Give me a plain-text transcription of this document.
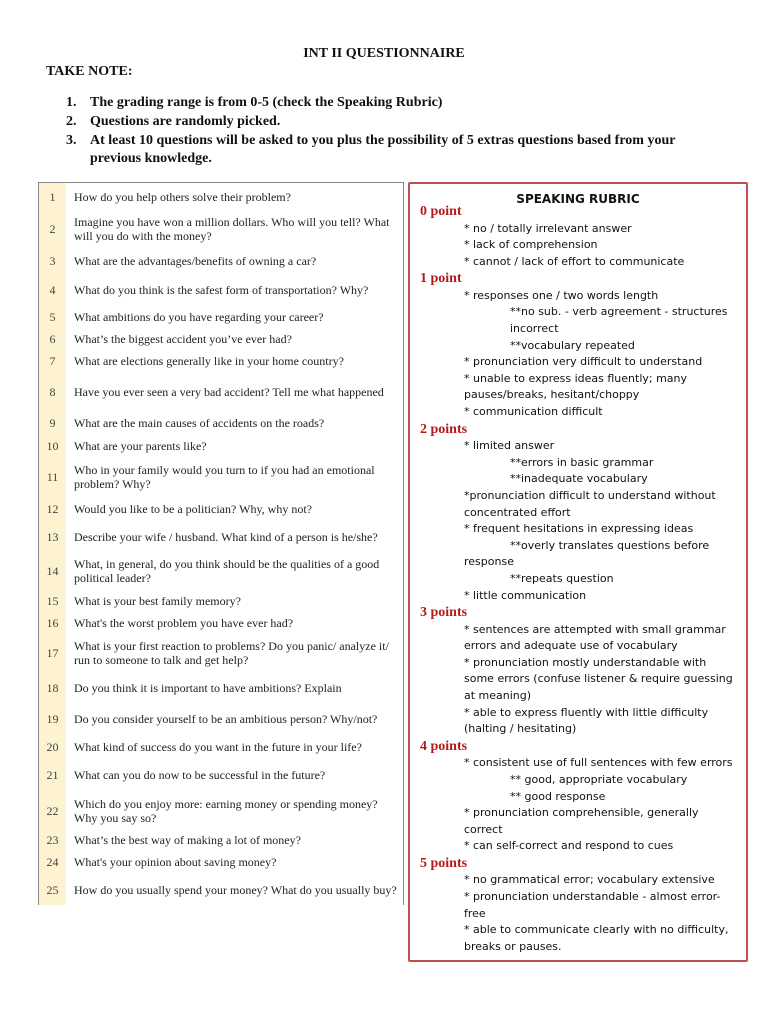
INT II QUESTIONNAIRE
TAKE NOTE:
1. The grading range is from 0-5 (check the Speaking Rubric)
2. Questions are randomly picked.
3. At least 10 questions will be asked to you plus the possibility of 5 extras questions based from your previous knowledge.
1	How do you help others solve their problem?
2	Imagine you have won a million dollars. Who will you tell? What will you do with the money?
3	What are the advantages/benefits of owning a car?
4	What do you think is the safest form of transportation? Why?
5	What ambitions do you have regarding your career?
6	What’s the biggest accident you’ve ever had?
7	What are elections generally like in your home country?
8	Have you ever seen a very bad accident? Tell me what happened
9	What are the main causes of accidents on the roads?
10	What are your parents like?
11	Who in your family would you turn to if you had an emotional problem? Why?
12	Would you like to be a politician? Why, why not?
13	Describe your wife / husband. What kind of a person is he/she?
14	What, in general, do you think should be the qualities of a good political leader?
15	What is your best family memory?
16	What's the worst problem you have ever had?
17	What is your first reaction to problems? Do you panic/ analyze it/ run to someone to talk and get help?
18	Do you think it is important to have ambitions? Explain
19	Do you consider yourself to be an ambitious person? Why/not?
20	What kind of success do you want in the future in your life?
21	What can you do now to be successful in the future?
22	Which do you enjoy more: earning money or spending money? Why you say so?
23	What’s the best way of making a lot of money?
24	What's your opinion about saving money?
25	How do you usually spend your money? What do you usually buy?
SPEAKING RUBRIC
0 point
* no / totally irrelevant answer
* lack of comprehension
* cannot / lack of effort to communicate
1 point
* responses one / two words length
**no sub. - verb agreement - structures
incorrect
**vocabulary repeated
* pronunciation very difficult to understand
* unable to express ideas fluently; many
pauses/breaks, hesitant/choppy
* communication difficult
2 points
* limited answer
**errors in basic grammar
**inadequate vocabulary
*pronunciation difficult to understand without
concentrated effort
* frequent hesitations in expressing ideas
**overly translates questions before
response
**repeats question
* little communication
3 points
* sentences are attempted with small grammar
errors and adequate use of vocabulary
* pronunciation mostly understandable with
some errors (confuse listener & require guessing
at meaning)
* able to express fluently with little difficulty
(halting / hesitating)
4 points
* consistent use of full sentences with few errors
** good, appropriate vocabulary
** good response
* pronunciation comprehensible, generally
correct
* can self-correct and respond to cues
5 points
* no grammatical error; vocabulary extensive
* pronunciation understandable - almost error-
free
* able to communicate clearly with no difficulty,
breaks or pauses.
